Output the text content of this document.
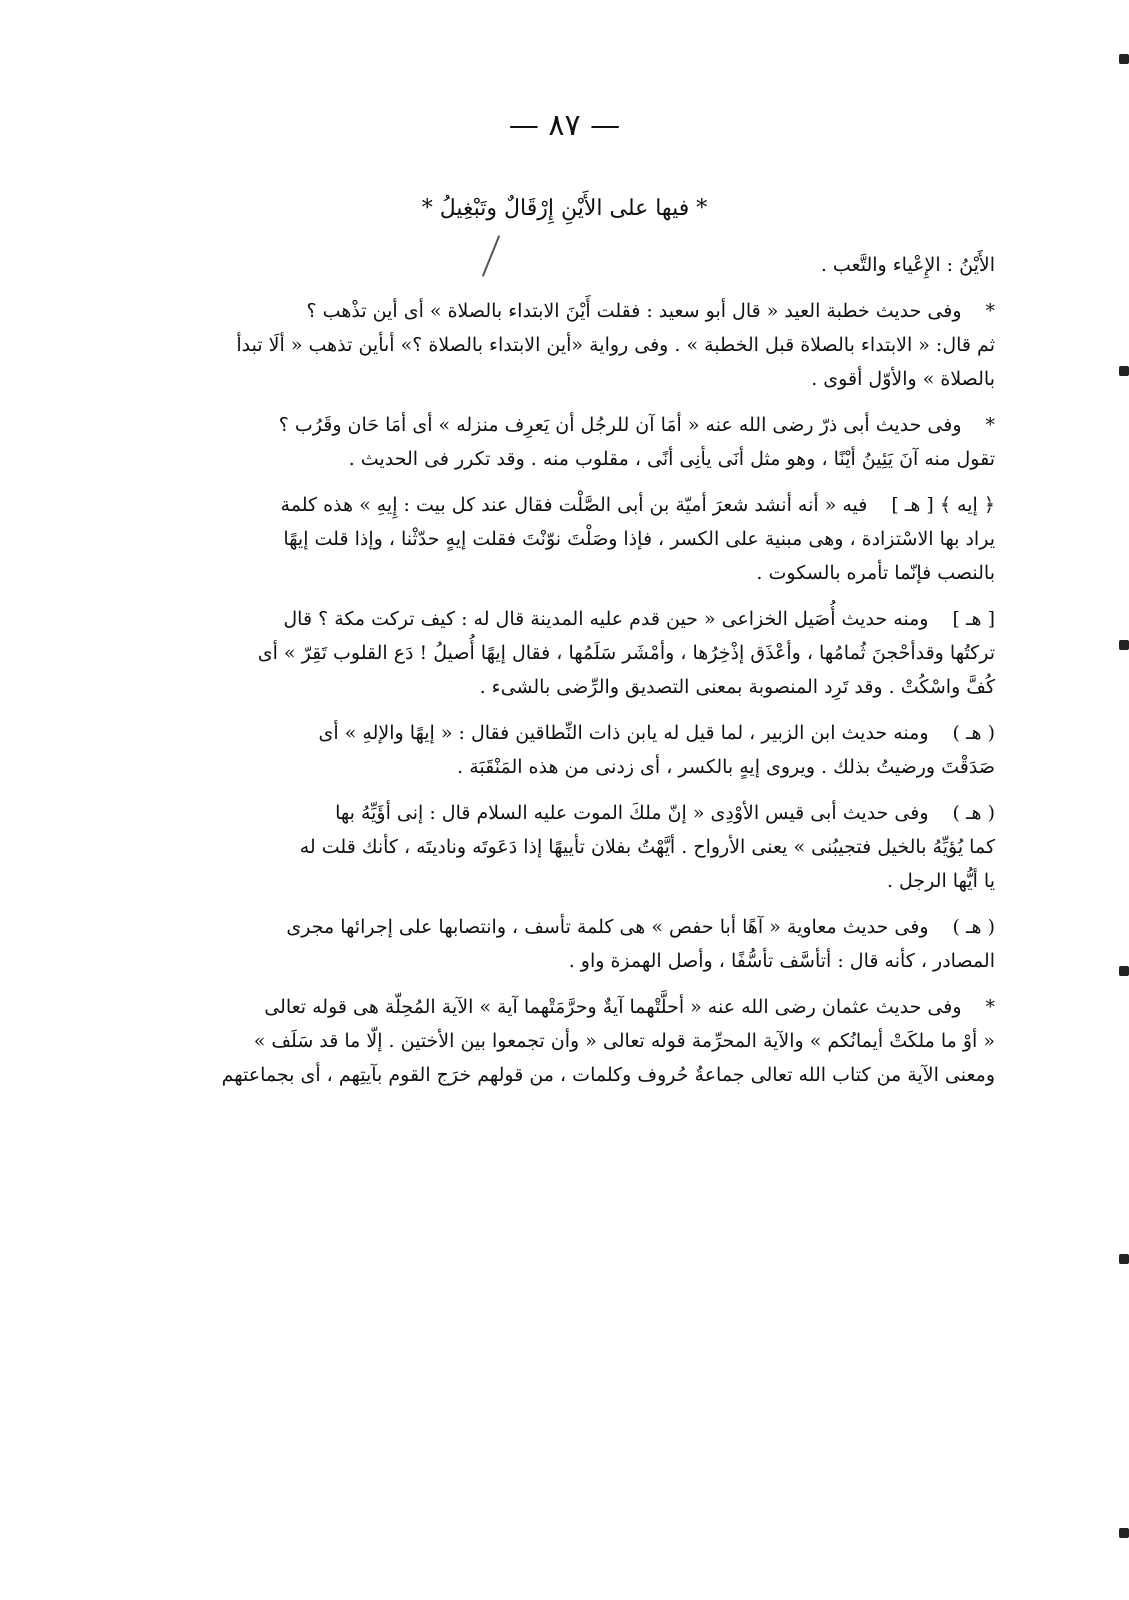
— ٨٧ —
* فيها على الأَيْنِ إِرْقَالٌ وتَبْغِيلُ *
الأَيْنُ : الإِعْياء والتَّعب .
*وفى حديث خطبة العيد « قال أبو سعيد : فقلت أَيْنَ الابتداء بالصلاة » أى أين تذْهب ؟
ثم قال: « الابتداء بالصلاة قبل الخطبة » . وفى رواية «أين الابتداء بالصلاة ؟» أىأين تذهب « ألَا تبدأ
بالصلاة » والأوّل أقوى .
*وفى حديث أبى ذرّ رضى الله عنه « أمَا آن للرجُل أن يَعرِف منزله » أى أمَا حَان وقَرُب ؟
تقول منه آنَ يَئِينُ أيْنًا ، وهو مثل أنَى يأنِى أنًى ، مقلوب منه . وقد تكرر فى الحديث .
﴿ إيه ﴾ [ هـ ]فيه « أنه أنشد شعرَ أميّة بن أبى الصَّلْت فقال عند كل بيت : إِيهِ » هذه كلمة
يراد بها الاسْتزادة ، وهى مبنية على الكسر ، فإذا وصَلْتَ نوّنْتَ فقلت إيهٍ حدّثْنا ، وإذا قلت إيهًا
بالنصب فإنّما تأمره بالسكوت .
[ هـ ]ومنه حديث أُصَيل الخزاعى « حين قدم عليه المدينة قال له : كيف تركت مكة ؟ قال
تركتُها وقدأحْجنَ ثُمامُها ، وأعْذَق إذْخِرُها ، وأمْشَر سَلَمُها ، فقال إيهًا أُصيلُ ! دَع القلوب تَقِرّ » أى
كُفَّ واسْكُتْ . وقد تَرِد المنصوبة بمعنى التصديق والرِّضى بالشىء .
( هـ )ومنه حديث ابن الزبير ، لما قيل له يابن ذات النِّطاقين فقال : « إيهًا والإلهِ » أى
صَدَقْتَ ورضيتُ بذلك . ويروى إيهٍ بالكسر ، أى زدنى من هذه المَنْقَبَة .
( هـ )وفى حديث أبى قيس الأوْدِى « إنّ ملكَ الموت عليه السلام قال : إنى أؤَيِّهُ بها
كما يُؤيِّهُ بالخيل فتجيبُنى » يعنى الأرواح . أيَّهْتُ بفلان تأييهًا إذا دَعَوتَه وناديتَه ، كأنك قلت له
يا أيُّها الرجل .
( هـ )وفى حديث معاوية « آهًا أبا حفص » هى كلمة تأسف ، وانتصابها على إجرائها مجرى
المصادر ، كأنه قال : أتأسَّف تأسُّفًا ، وأصل الهمزة واو .
*وفى حديث عثمان رضى الله عنه « أحلَّتْهما آيةٌ وحرَّمَتْهما آية » الآية المُحِلّة هى قوله تعالى
« أوْ ما ملكَتْ أيمانُكم » والآية المحرِّمة قوله تعالى « وأن تجمعوا بين الأختين . إلّا ما قد سَلَف »
ومعنى الآية من كتاب الله تعالى جماعةُ حُروف وكلمات ، من قولهم خرَج القوم بآيتِهم ، أى بجماعتهم
